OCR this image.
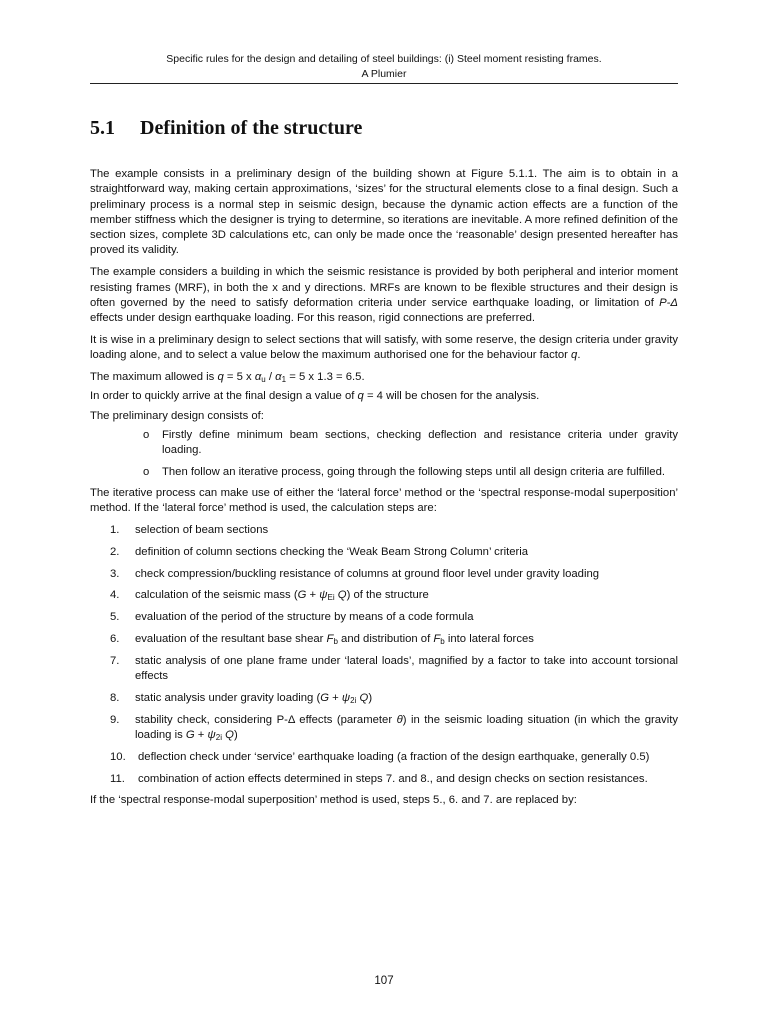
Specific rules for the design and detailing of steel buildings: (i) Steel moment resisting frames.
A Plumier
5.1 Definition of the structure

The example consists in a preliminary design of the building shown at Figure 5.1.1. The aim is to obtain in a straightforward way, making certain approximations, ‘sizes’ for the structural elements close to a final design. Such a preliminary process is a normal step in seismic design, because the dynamic action effects are a function of the member stiffness which the designer is trying to determine, so iterations are inevitable. A more refined definition of the section sizes, complete 3D calculations etc, can only be made once the ‘reasonable’ design presented hereafter has proved its validity.

The example considers a building in which the seismic resistance is provided by both peripheral and interior moment resisting frames (MRF), in both the x and y directions. MRFs are known to be flexible structures and their design is often governed by the need to satisfy deformation criteria under service earthquake loading, or limitation of P-Δ effects under design earthquake loading. For this reason, rigid connections are preferred.

It is wise in a preliminary design to select sections that will satisfy, with some reserve, the design criteria under gravity loading alone, and to select a value below the maximum authorised one for the behaviour factor q.

The maximum allowed is q = 5 x $\alpha_u / \alpha_1 = 5$ x 1.3 = 6.5.

In order to quickly arrive at the final design a value of q = 4 will be chosen for the analysis.

The preliminary design consists of:

o Firstly define minimum beam sections, checking deflection and resistance criteria under gravity loading.
o Then follow an iterative process, going through the following steps until all design criteria are fulfilled.

The iterative process can make use of either the ‘lateral force’ method or the ‘spectral response-modal superposition’ method. If the ‘lateral force’ method is used, the calculation steps are:

1. selection of beam sections
2. definition of column sections checking the ‘Weak Beam Strong Column’ criteria
3. check compression/buckling resistance of columns at ground floor level under gravity loading
4. calculation of the seismic mass ($G + \psi_{Ei}$ Q) of the structure
5. evaluation of the period of the structure by means of a code formula
6. evaluation of the resultant base shear $F_b$ and distribution of $F_b$ into lateral forces
7. static analysis of one plane frame under ‘lateral loads’, magnified by a factor to take into account torsional effects
8. static analysis under gravity loading ($G + \psi_{2i}$ Q)
9. stability check, considering P-Δ effects (parameter θ) in the seismic loading situation (in which the gravity loading is $G + \psi_{2i}$ Q)
10. deflection check under ‘service’ earthquake loading (a fraction of the design earthquake, generally 0.5)
11. combination of action effects determined in steps 7. and 8., and design checks on section resistances.

If the ‘spectral response-modal superposition’ method is used, steps 5., 6. and 7. are replaced by:

107
